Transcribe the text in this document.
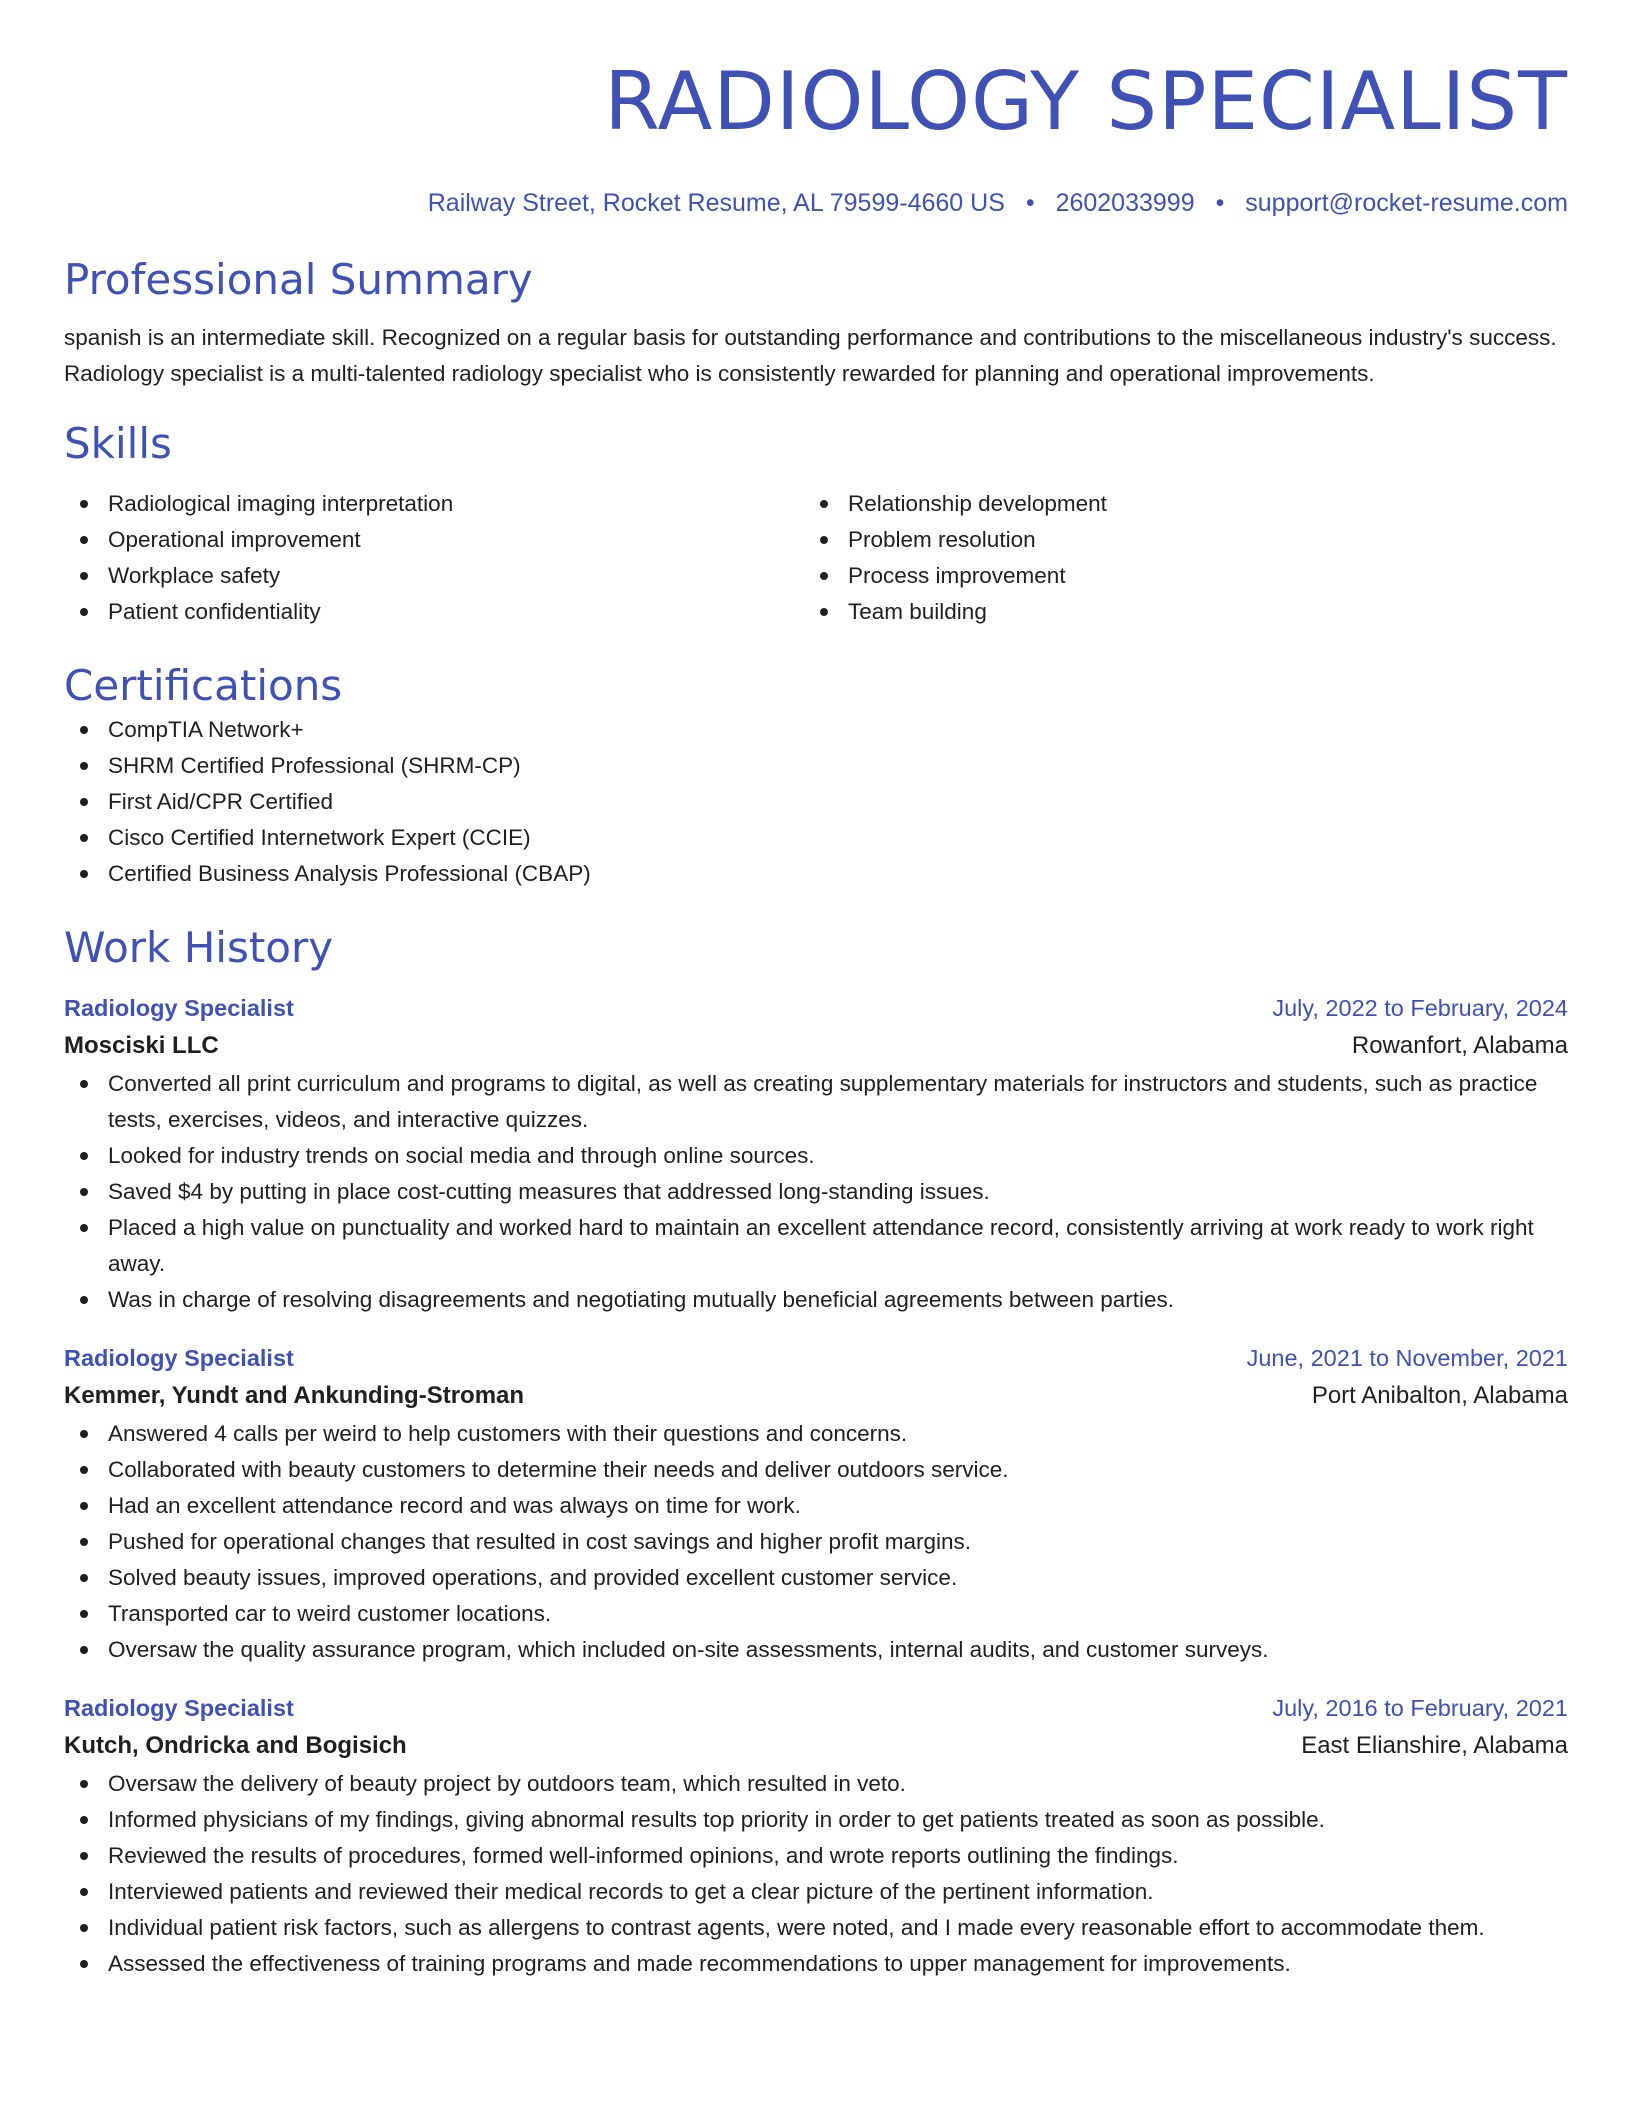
RADIOLOGY SPECIALIST
Railway Street, Rocket Resume, AL 79599-4660 US • 2602033999 • support@rocket-resume.com
Professional Summary

spanish is an intermediate skill. Recognized on a regular basis for outstanding performance and contributions to the miscellaneous industry's success. Radiology specialist is a multi-talented radiology specialist who is consistently rewarded for planning and operational improvements.

Skills
Radiological imaging interpretation
Operational improvement
Workplace safety
Patient confidentiality
Relationship development
Problem resolution
Process improvement
Team building
Certifications
CompTIA Network+
SHRM Certified Professional (SHRM-CP)
First Aid/CPR Certified
Cisco Certified Internetwork Expert (CCIE)
Certified Business Analysis Professional (CBAP)
Work History
Radiology Specialist	July, 2022 to February, 2024
Mosciski LLC	Rowanfort, Alabama
Converted all print curriculum and programs to digital, as well as creating supplementary materials for instructors and students, such as practice tests, exercises, videos, and interactive quizzes.
Looked for industry trends on social media and through online sources.
Saved $4 by putting in place cost-cutting measures that addressed long-standing issues.
Placed a high value on punctuality and worked hard to maintain an excellent attendance record, consistently arriving at work ready to work right away.
Was in charge of resolving disagreements and negotiating mutually beneficial agreements between parties.
Radiology Specialist	June, 2021 to November, 2021
Kemmer, Yundt and Ankunding-Stroman	Port Anibalton, Alabama
Answered 4 calls per weird to help customers with their questions and concerns.
Collaborated with beauty customers to determine their needs and deliver outdoors service.
Had an excellent attendance record and was always on time for work.
Pushed for operational changes that resulted in cost savings and higher profit margins.
Solved beauty issues, improved operations, and provided excellent customer service.
Transported car to weird customer locations.
Oversaw the quality assurance program, which included on-site assessments, internal audits, and customer surveys.
Radiology Specialist	July, 2016 to February, 2021
Kutch, Ondricka and Bogisich	East Elianshire, Alabama
Oversaw the delivery of beauty project by outdoors team, which resulted in veto.
Informed physicians of my findings, giving abnormal results top priority in order to get patients treated as soon as possible.
Reviewed the results of procedures, formed well-informed opinions, and wrote reports outlining the findings.
Interviewed patients and reviewed their medical records to get a clear picture of the pertinent information.
Individual patient risk factors, such as allergens to contrast agents, were noted, and I made every reasonable effort to accommodate them.
Assessed the effectiveness of training programs and made recommendations to upper management for improvements.
